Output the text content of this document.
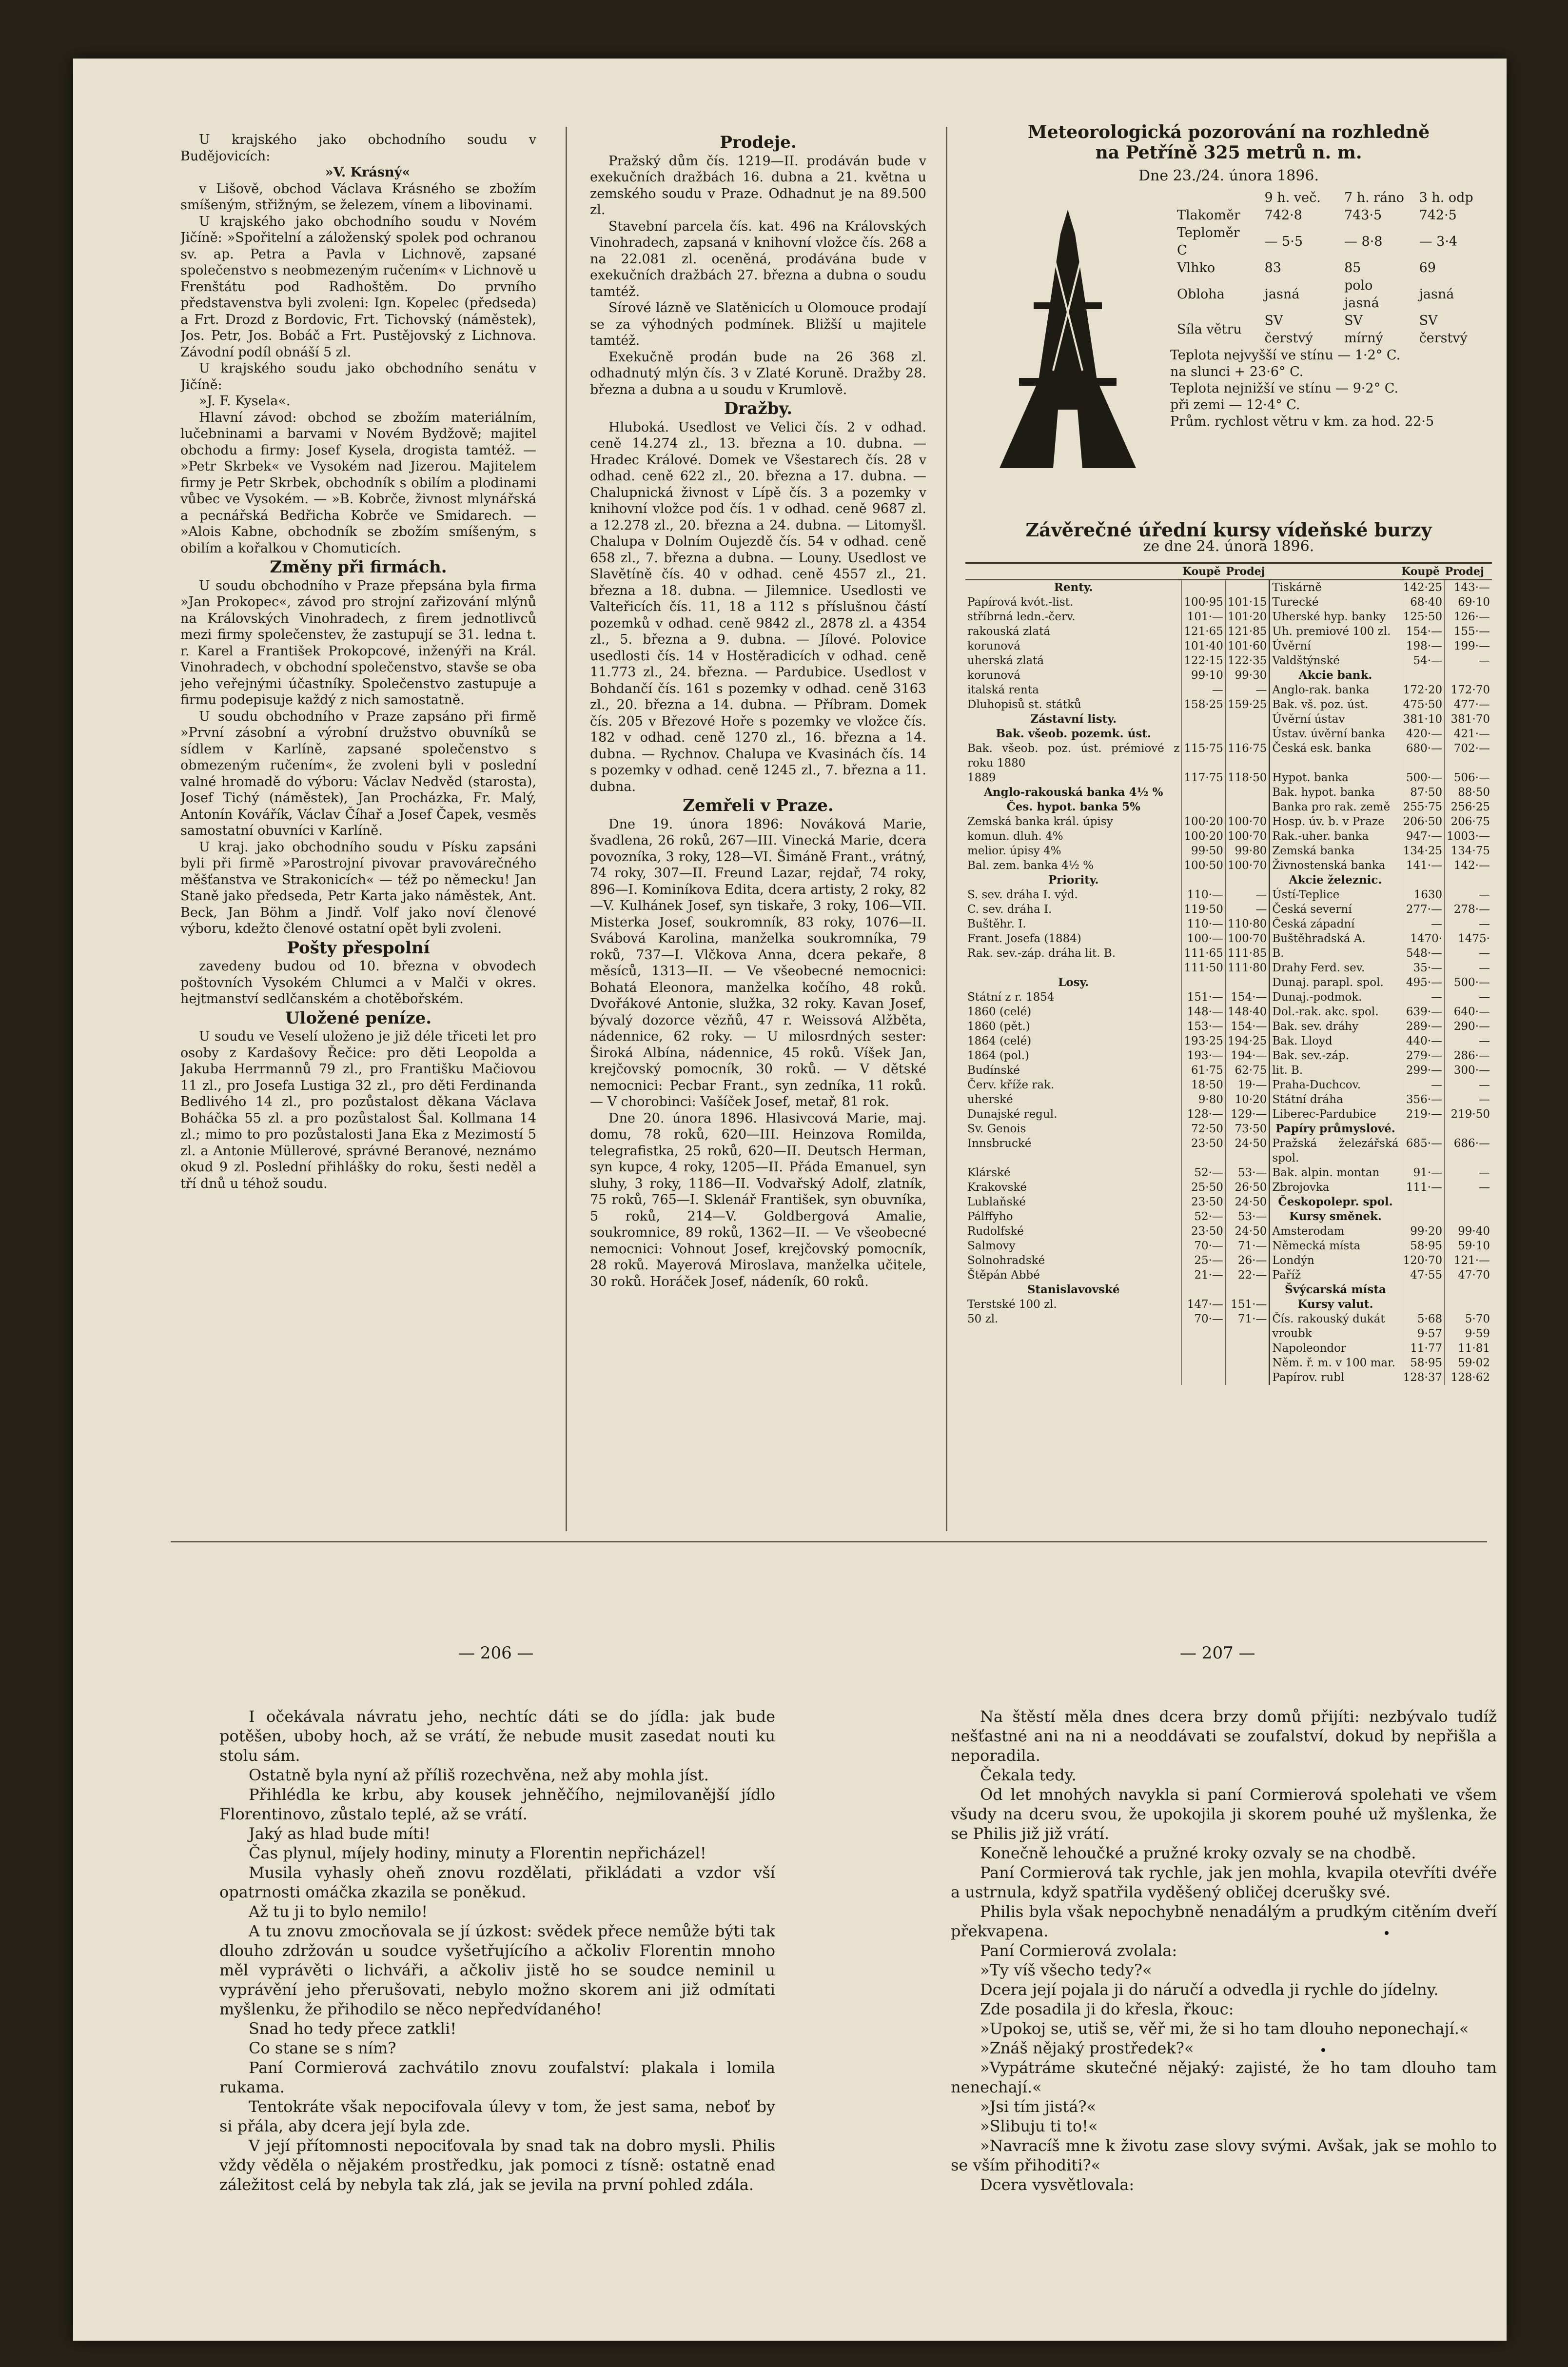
U krajského jako obchodního soudu v Budějovicích:

»V. Krásný«

v Lišově, obchod Václava Krásného se zbožím smíšeným, střižným, se železem, vínem a libovinami.

U krajského jako obchodního soudu v Novém Jičíně: »Spořitelní a záloženský spolek pod ochranou sv. ap. Petra a Pavla v Lichnově, zapsané společenstvo s neobmezeným ručením« v Lichnově u Frenštátu pod Radhoštěm. Do prvního představenstva byli zvoleni: Ign. Kopelec (předseda) a Frt. Drozd z Bordovic, Frt. Tichovský (náměstek), Jos. Petr, Jos. Bobáč a Frt. Pustějovský z Lichnova. Závodní podíl obnáší 5 zl.

U krajského soudu jako obchodního senátu v Jičíně:

»J. F. Kysela«.

Hlavní závod: obchod se zbožím materiálním, lučebninami a barvami v Novém Bydžově; majitel obchodu a firmy: Josef Kysela, drogista tamtéž. — »Petr Skrbek« ve Vysokém nad Jizerou. Majitelem firmy je Petr Skrbek, obchodník s obilím a plodinami vůbec ve Vysokém. — »B. Kobrče, živnost mlynářská a pecnářská Bedřicha Kobrče ve Smidarech. — »Alois Kabne, obchodník se zbožím smíšeným, s obilím a kořalkou v Chomuticích.

Změny při firmách.

U soudu obchodního v Praze přepsána byla firma »Jan Prokopec«, závod pro strojní zařizování mlýnů na Královských Vinohradech, z firem jednotlivců mezi firmy společenstev, že zastupují se 31. ledna t. r. Karel a František Prokopcové, inženýři na Král. Vinohradech, v obchodní společenstvo, stavše se oba jeho veřejnými účastníky. Společenstvo zastupuje a firmu podepisuje každý z nich samostatně.

U soudu obchodního v Praze zapsáno při firmě »První zásobní a výrobní družstvo obuvníků se sídlem v Karlíně, zapsané společenstvo s obmezeným ručením«, že zvoleni byli v poslední valné hromadě do výboru: Václav Nedvěd (starosta), Josef Tichý (náměstek), Jan Procházka, Fr. Malý, Antonín Kovářík, Václav Číhař a Josef Čapek, vesměs samostatní obuvníci v Karlíně.

U kraj. jako obchodního soudu v Písku zapsáni byli při firmě »Parostrojní pivovar pravovárečného měšťanstva ve Strakonicích« — též po německu! Jan Staně jako předseda, Petr Karta jako náměstek, Ant. Beck, Jan Böhm a Jindř. Volf jako noví členové výboru, kdežto členové ostatní opět byli zvoleni.

Pošty přespolní

zavedeny budou od 10. března v obvodech poštovních Vysokém Chlumci a v Malči v okres. hejtmanství sedlčanském a chotěbořském.

Uložené peníze.

U soudu ve Veselí uloženo je již déle třiceti let pro osoby z Kardašovy Řečice: pro děti Leopolda a Jakuba Herrmannů 79 zl., pro Františku Mačiovou 11 zl., pro Josefa Lustiga 32 zl., pro děti Ferdinanda Bedlivého 14 zl., pro pozůstalost děkana Václava Boháčka 55 zl. a pro pozůstalost Šal. Kollmana 14 zl.; mimo to pro pozůstalosti Jana Eka z Mezimostí 5 zl. a Antonie Müllerové, správné Beranové, neznámo okud 9 zl. Poslední přihlášky do roku, šesti neděl a tří dnů u téhož soudu.

Prodeje.

Pražský dům čís. 1219—II. prodáván bude v exekučních dražbách 16. dubna a 21. května u zemského soudu v Praze. Odhadnut je na 89.500 zl.

Stavební parcela čís. kat. 496 na Královských Vinohradech, zapsaná v knihovní vložce čís. 268 a na 22.081 zl. oceněná, prodávána bude v exekučních dražbách 27. března a dubna o soudu tamtéž.

Sírové lázně ve Slatěnicích u Olomouce prodají se za výhodných podmínek. Bližší u majitele tamtéž.

Exekučně prodán bude na 26 368 zl. odhadnutý mlýn čís. 3 v Zlaté Koruně. Dražby 28. března a dubna a u soudu v Krumlově.

Dražby.

Hluboká. Usedlost ve Velici čís. 2 v odhad. ceně 14.274 zl., 13. března a 10. dubna. — Hradec Králové. Domek ve Všestarech čís. 28 v odhad. ceně 622 zl., 20. března a 17. dubna. — Chalupnická živnost v Lípě čís. 3 a pozemky v knihovní vložce pod čís. 1 v odhad. ceně 9687 zl. a 12.278 zl., 20. března a 24. dubna. — Litomyšl. Chalupa v Dolním Oujezdě čís. 54 v odhad. ceně 658 zl., 7. března a dubna. — Louny. Usedlost ve Slavětíně čís. 40 v odhad. ceně 4557 zl., 21. března a 18. dubna. — Jilemnice. Usedlosti ve Valteřicích čís. 11, 18 a 112 s příslušnou částí pozemků v odhad. ceně 9842 zl., 2878 zl. a 4354 zl., 5. března a 9. dubna. — Jílové. Polovice usedlosti čís. 14 v Hostěradicích v odhad. ceně 11.773 zl., 24. března. — Pardubice. Usedlost v Bohdančí čís. 161 s pozemky v odhad. ceně 3163 zl., 20. března a 14. dubna. — Příbram. Domek čís. 205 v Březové Hoře s pozemky ve vložce čís. 182 v odhad. ceně 1270 zl., 16. března a 14. dubna. — Rychnov. Chalupa ve Kvasinách čís. 14 s pozemky v odhad. ceně 1245 zl., 7. března a 11. dubna.

Zemřeli v Praze.

Dne 19. února 1896: Nováková Marie, švadlena, 26 roků, 267—III. Vinecká Marie, dcera povozníka, 3 roky, 128—VI. Šimáně Frant., vrátný, 74 roky, 307—II. Freund Lazar, rejdař, 74 roky, 896—I. Kominíkova Edita, dcera artisty, 2 roky, 82—V. Kulhánek Josef, syn tiskaře, 3 roky, 106—VII. Misterka Josef, soukromník, 83 roky, 1076—II. Svábová Karolina, manželka soukromníka, 79 roků, 737—I. Vlčkova Anna, dcera pekaře, 8 měsíců, 1313—II. — Ve všeobecné nemocnici: Bohatá Eleonora, manželka kočího, 48 roků. Dvořákové Antonie, služka, 32 roky. Kavan Josef, bývalý dozorce vězňů, 47 r. Weissová Alžběta, nádennice, 62 roky. — U milosrdných sester: Široká Albína, nádennice, 45 roků. Víšek Jan, krejčovský pomocník, 30 roků. — V dětské nemocnici: Pecbar Frant., syn zedníka, 11 roků. — V chorobinci: Vašíček Josef, metař, 81 rok.

Dne 20. února 1896. Hlasivcová Marie, maj. domu, 78 roků, 620—III. Heinzova Romilda, telegrafistka, 25 roků, 620—II. Deutsch Herman, syn kupce, 4 roky, 1205—II. Přáda Emanuel, syn sluhy, 3 roky, 1186—II. Vodvařský Adolf, zlatník, 75 roků, 765—I. Sklenář František, syn obuvníka, 5 roků, 214—V. Goldbergová Amalie, soukromnice, 89 roků, 1362—II. — Ve všeobecné nemocnici: Vohnout Josef, krejčovský pomocník, 28 roků. Mayerová Miroslava, manželka učitele, 30 roků. Horáček Josef, nádeník, 60 roků.

Meteorologická pozorování na rozhledně
na Petříně 325 metrů n. m.
Dne 23./24. února 1896.
	9 h. več.	7 h. ráno	3 h. odp
Tlakoměr	742·8	743·5	742·5
Teploměr C	— 5·5	— 8·8	— 3·4
Vlhko	83	85	69
Obloha	jasná	polo jasná	jasná
Síla větru	SV čerstvý	SV mírný	SV čerstvý
Teplota nejvyšší ve stínu — 1·2° C.
na slunci + 23·6° C.
Teplota nejnižší ve stínu — 9·2° C.
při zemi — 12·4° C.
Prům. rychlost větru v km. za hod. 22·5
Závěrečné úřední kursy vídeňské burzy
ze dne 24. února 1896.
	Koupě	Prodej		Koupě	Prodej
Renty.			Tiskárně	142·25	143·—
Papírová kvót.-list.	100·95	101·15	Turecké	68·40	69·10
stříbrná ledn.-červ.	101·—	101·20	Uherské hyp. banky	125·50	126·—
rakouská zlatá	121·65	121·85	Uh. premiové 100 zl.	154·—	155·—
korunová	101·40	101·60	Úvěrní	198·—	199·—
uherská zlatá	122·15	122·35	Valdštýnské	54·—	—
korunová	99·10	99·30	Akcie bank.		
italská renta	—	—	Anglo-rak. banka	172·20	172·70
Dluhopisů st. státků	158·25	159·25	Bak. vš. poz. úst.	475·50	477·—
Zástavní listy.			Úvěrní ústav	381·10	381·70
Bak. všeob. pozemk. úst.			Ústav. úvěrní banka	420·—	421·—
Bak. všeob. poz. úst. prémiové z roku 1880	115·75	116·75	Česká esk. banka	680·—	702·—
1889	117·75	118·50	Hypot. banka	500·—	506·—
Anglo-rakouská banka 4½ %			Bak. hypot. banka	87·50	88·50
Čes. hypot. banka 5%			Banka pro rak. země	255·75	256·25
Zemská banka král. úpisy	100·20	100·70	Hosp. úv. b. v Praze	206·50	206·75
komun. dluh. 4%	100·20	100·70	Rak.-uher. banka	947·—	1003·—
melior. úpisy 4%	99·50	99·80	Zemská banka	134·25	134·75
Bal. zem. banka 4½ %	100·50	100·70	Živnostenská banka	141·—	142·—
Priority.			Akcie železnic.		
S. sev. dráha I. výd.	110·—	—	Ústí-Teplice	1630	—
C. sev. dráha I.	119·50	—	Česká severní	277·—	278·—
Buštěhr. I.	110·—	110·80	Česká západní	—	—
Frant. Josefa (1884)	100·—	100·70	Buštěhradská A.	1470·	1475·
Rak. sev.-záp. dráha lit. B.	111·65	111·85	B.	548·—	—
	111·50	111·80	Drahy Ferd. sev.	35·—	—
Losy.			Dunaj. parapl. spol.	495·—	500·—
Státní z r. 1854	151·—	154·—	Dunaj.-podmok.	—	—
1860 (celé)	148·—	148·40	Dol.-rak. akc. spol.	639·—	640·—
1860 (pět.)	153·—	154·—	Bak. sev. dráhy	289·—	290·—
1864 (celé)	193·25	194·25	Bak. Lloyd	440·—	—
1864 (pol.)	193·—	194·—	Bak. sev.-záp.	279·—	286·—
Budínské	61·75	62·75	lit. B.	299·—	300·—
Červ. kříže rak.	18·50	19·—	Praha-Duchcov.	—	—
uherské	9·80	10·20	Státní dráha	356·—	—
Dunajské regul.	128·—	129·—	Liberec-Pardubice	219·—	219·50
Sv. Genois	72·50	73·50	Papíry průmyslové.		
Innsbrucké	23·50	24·50	Pražská železářská spol.	685·—	686·—
Klárské	52·—	53·—	Bak. alpin. montan	91·—	—
Krakovské	25·50	26·50	Zbrojovka	111·—	—
Lublaňské	23·50	24·50	Českopolepr. spol.		
Pálffyho	52·—	53·—	Kursy směnek.		
Rudolfské	23·50	24·50	Amsterodam	99·20	99·40
Salmovy	70·—	71·—	Německá místa	58·95	59·10
Solnohradské	25·—	26·—	Londýn	120·70	121·—
Štěpán Abbé	21·—	22·—	Paříž	47·55	47·70
Stanislavovské			Švýcarská místa		
Terstské 100 zl.	147·—	151·—	Kursy valut.		
50 zl.	70·—	71·—	Čís. rakouský dukát	5·68	5·70
			vroubk	9·57	9·59
			Napoleondor	11·77	11·81
			Něm. ř. m. v 100 mar.	58·95	59·02
			Papírov. rubl	128·37	128·62
— 206 —	— 207 —

I očekávala návratu jeho, nechtíc dáti se do jídla: jak bude potěšen, uboby hoch, až se vrátí, že nebude musit zasedat nouti ku stolu sám.

Ostatně byla nyní až příliš rozechvěna, než aby mohla jíst.

Přihlédla ke krbu, aby kousek jehněčího, nejmilovanější jídlo Florentinovo, zůstalo teplé, až se vrátí.

Jaký as hlad bude míti!

Čas plynul, míjely hodiny, minuty a Florentin nepřicházel!

Musila vyhasly oheň znovu rozdělati, přikládati a vzdor vší opatrnosti omáčka zkazila se poněkud.

Až tu ji to bylo nemilo!

A tu znovu zmocňovala se jí úzkost: svědek přece nemůže býti tak dlouho zdržován u soudce vyšetřujícího a ačkoliv Florentin mnoho měl vyprávěti o lichváři, a ačkoliv jistě ho se soudce neminil u vyprávění jeho přerušovati, nebylo možno skorem ani již odmítati myšlenku, že přihodilo se něco nepředvídaného!

Snad ho tedy přece zatkli!

Co stane se s ním?

Paní Cormierová zachvátilo znovu zoufalství: plakala i lomila rukama.

Tentokráte však nepocifovala úlevy v tom, že jest sama, neboť by si přála, aby dcera její byla zde.

V její přítomnosti nepociťovala by snad tak na dobro mysli. Philis vždy věděla o nějakém prostředku, jak pomoci z tísně: ostatně enad záležitost celá by nebyla tak zlá, jak se jevila na první pohled zdála.

Na štěstí měla dnes dcera brzy domů přijíti: nezbývalo tudíž nešťastné ani na ni a neoddávati se zoufalství, dokud by nepřišla a neporadila.

Čekala tedy.

Od let mnohých navykla si paní Cormierová spolehati ve všem všudy na dceru svou, že upokojila ji skorem pouhé už myšlenka, že se Philis již již vrátí.

Konečně lehoučké a pružné kroky ozvaly se na chodbě.

Paní Cormierová tak rychle, jak jen mohla, kvapila otevříti dvéře a ustrnula, když spatřila vyděšený obličej dcerušky své.

Philis byla však nepochybně nenadálým a prudkým citěním dveří překvapena.

Paní Cormierová zvolala:

»Ty víš všecho tedy?«

Dcera její pojala ji do náručí a odvedla ji rychle do jídelny.

Zde posadila ji do křesla, řkouc:

»Upokoj se, utiš se, věř mi, že si ho tam dlouho neponechají.«

»Znáš nějaký prostředek?«

»Vypátráme skutečné nějaký: zajisté, že ho tam dlouho tam nenechají.«

»Jsi tím jistá?«

»Slibuju ti to!«

»Navracíš mne k životu zase slovy svými. Avšak, jak se mohlo to se vším přihoditi?«

Dcera vysvětlovala:
